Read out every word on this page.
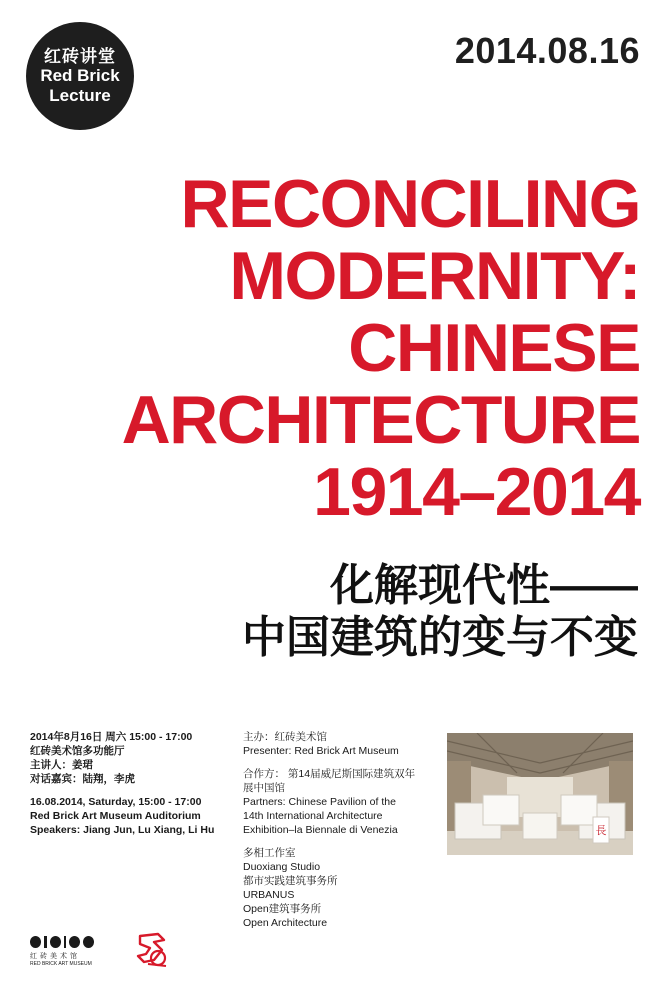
红砖讲堂
Red Brick
Lecture
2014.08.16
RECONCILING
MODERNITY:
CHINESE
ARCHITECTURE
1914–2014
化解现代性——
中国建筑的变与不变

2014年8月16日 周六 15:00 - 17:00

红砖美术馆多功能厅

主讲人：姜珺

对话嘉宾：陆翔，李虎

16.08.2014, Saturday, 15:00 - 17:00

Red Brick Art Museum Auditorium

Speakers: Jiang Jun, Lu Xiang, Li Hu

主办：红砖美术馆

Presenter: Red Brick Art Museum

合作方： 第14届威尼斯国际建筑双年

展中国馆

Partners: Chinese Pavilion of the

14th International Architecture

Exhibition–la Biennale di Venezia

多相工作室

Duoxiang Studio

都市实践建筑事务所

URBANUS

Open建筑事务所

Open Architecture

長
红砖美术馆
RED BRICK ART MUSEUM
